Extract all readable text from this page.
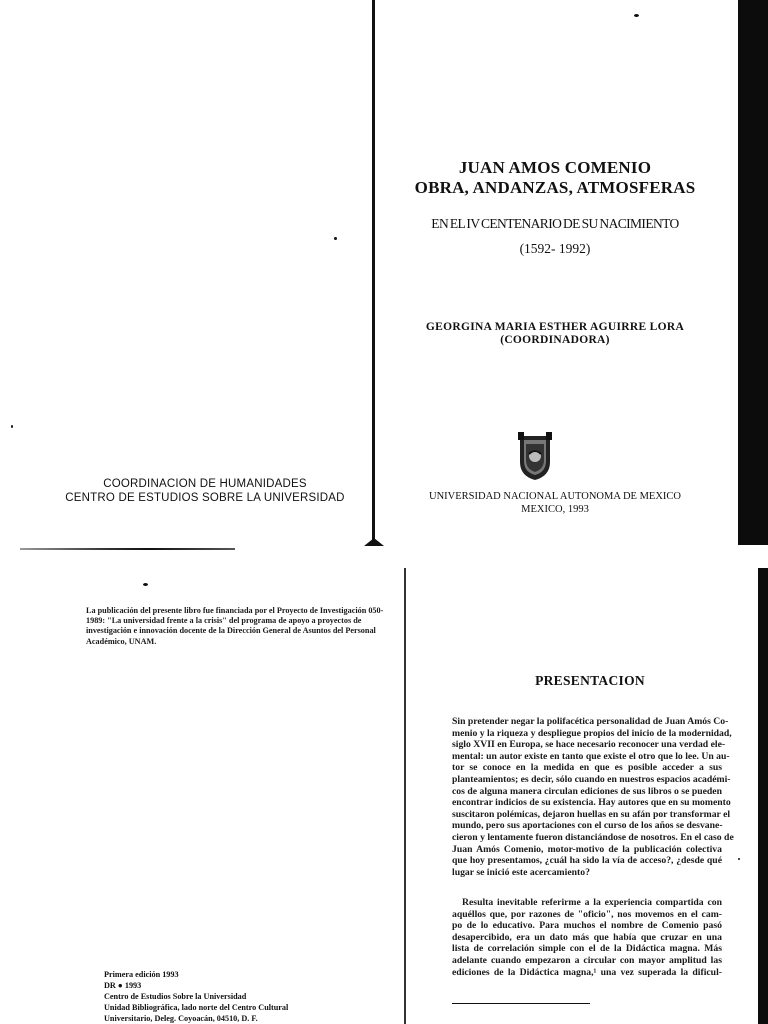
COORDINACION DE HUMANIDADES
CENTRO DE ESTUDIOS SOBRE LA UNIVERSIDAD
JUAN AMOS COMENIO
OBRA, ANDANZAS, ATMOSFERAS
EN EL IV CENTENARIO DE SU NACIMIENTO
(1592- 1992)
GEORGINA MARIA ESTHER AGUIRRE LORA
(COORDINADORA)
UNIVERSIDAD NACIONAL AUTONOMA DE MEXICO
MEXICO, 1993
La publicación del presente libro fue financiada por el Proyecto de Investigación 050-
1989: "La universidad frente a la crisis" del programa de apoyo a proyectos de
investigación e innovación docente de la Dirección General de Asuntos del Personal
Académico, UNAM.
Primera edición 1993
DR ● 1993
Centro de Estudios Sobre la Universidad
Unidad Bibliográfica, lado norte del Centro Cultural
Universitario, Deleg. Coyoacán, 04510, D. F.
PRESENTACION
Sin pretender negar la polifacética personalidad de Juan Amós Co-
menio y la riqueza y despliegue propios del inicio de la modernidad,
siglo XVII en Europa, se hace necesario reconocer una verdad ele-
mental: un autor existe en tanto que existe el otro que lo lee. Un au-
tor se conoce en la medida en que es posible acceder a sus
planteamientos; es decir, sólo cuando en nuestros espacios académi-
cos de alguna manera circulan ediciones de sus libros o se pueden
encontrar indicios de su existencia. Hay autores que en su momento
suscitaron polémicas, dejaron huellas en su afán por transformar el
mundo, pero sus aportaciones con el curso de los años se desvane-
cieron y lentamente fueron distanciándose de nosotros. En el caso de
Juan Amós Comenio, motor-motivo de la publicación colectiva
que hoy presentamos, ¿cuál ha sido la vía de acceso?, ¿desde qué
lugar se inició este acercamiento?
Resulta inevitable referirme a la experiencia compartida con
aquéllos que, por razones de "oficio", nos movemos en el cam-
po de lo educativo. Para muchos el nombre de Comenio pasó
desapercibido, era un dato más que había que cruzar en una
lista de correlación simple con el de la Didáctica magna. Más
adelante cuando empezaron a circular con mayor amplitud las
ediciones de la Didáctica magna,¹ una vez superada la dificul-
